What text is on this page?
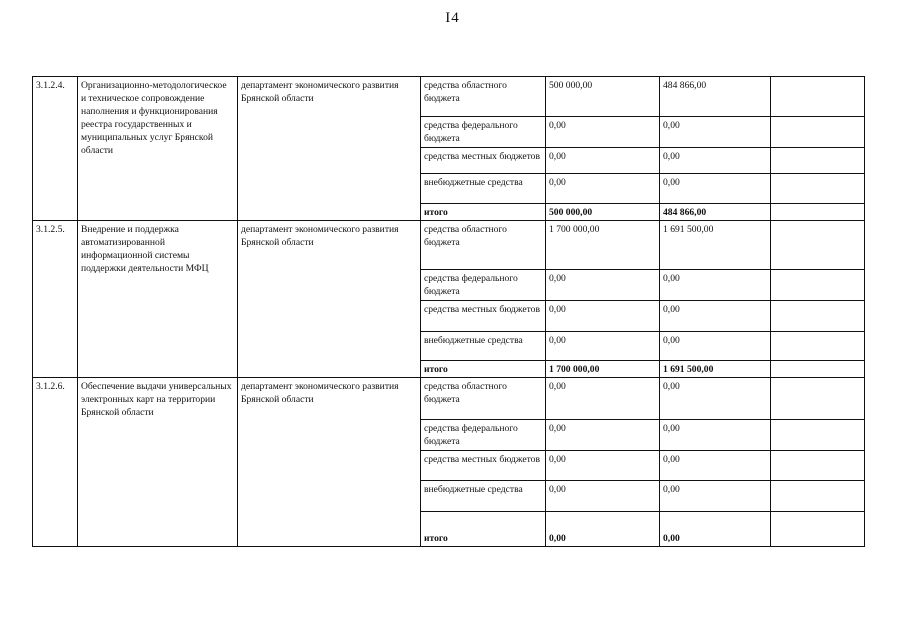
I4
3.1.2.4.	Организационно-методологическое и техническое сопровождение наполнения и функционирования реестра государственных и муниципальных услуг Брянской области	департамент экономического развития Брянской области	средства областного бюджета	500 000,00	484 866,00	
			средства федерального бюджета	0,00	0,00	
			средства местных бюджетов	0,00	0,00	
			внебюджетные средства	0,00	0,00	
			итого	500 000,00	484 866,00	
3.1.2.5.	Внедрение и поддержка автоматизированной информационной системы поддержки деятельности МФЦ	департамент экономического развития Брянской области	средства областного бюджета	1 700 000,00	1 691 500,00	
			средства федерального бюджета	0,00	0,00	
			средства местных бюджетов	0,00	0,00	
			внебюджетные средства	0,00	0,00	
			итого	1 700 000,00	1 691 500,00	
3.1.2.6.	Обеспечение выдачи универсальных электронных карт на территории Брянской области	департамент экономического развития Брянской области	средства областного бюджета	0,00	0,00	
			средства федерального бюджета	0,00	0,00	
			средства местных бюджетов	0,00	0,00	
			внебюджетные средства	0,00	0,00	
			итого	0,00	0,00	
